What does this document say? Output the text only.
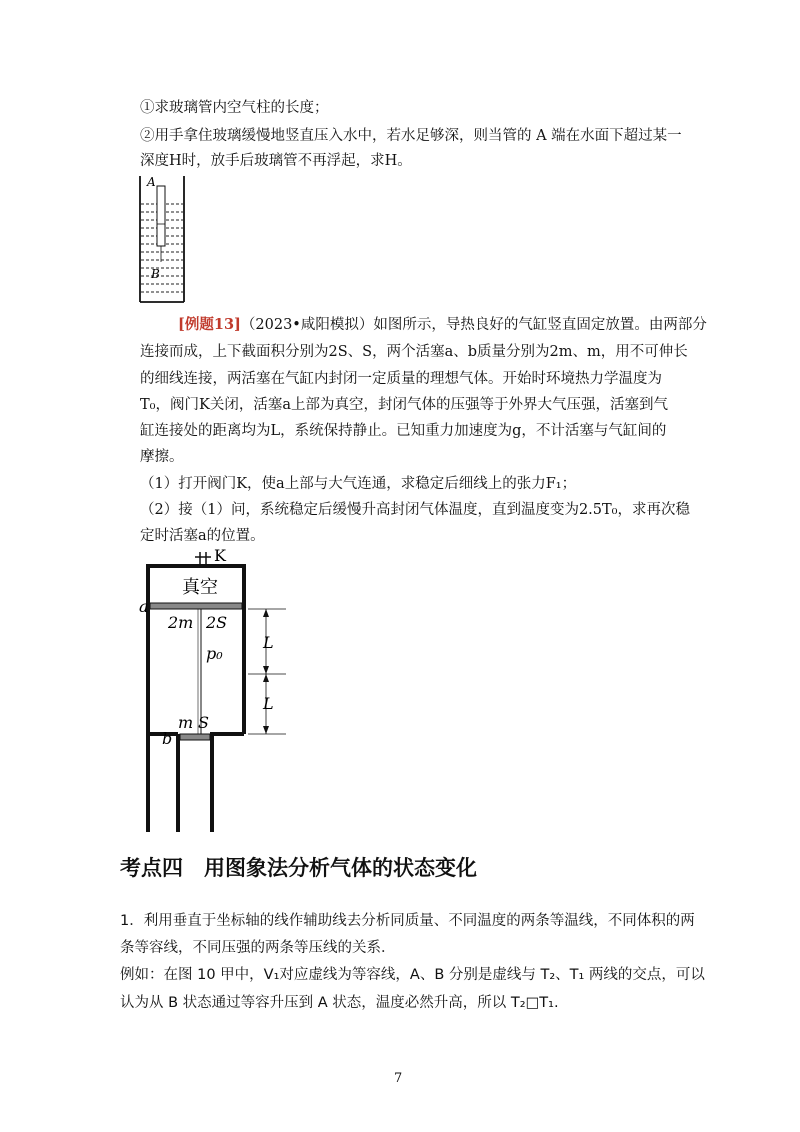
①求玻璃管内空气柱的长度；
②用手拿住玻璃缓慢地竖直压入水中，若水足够深，则当管的 A 端在水面下超过某一
深度H时，放手后玻璃管不再浮起，求H。
A
B
[例题13]（2023•咸阳模拟）如图所示，导热良好的气缸竖直固定放置。由两部分
连接而成，上下截面积分别为2S、S，两个活塞a、b质量分别为2m、m，用不可伸长
的细线连接，两活塞在气缸内封闭一定质量的理想气体。开始时环境热力学温度为
T₀，阀门K关闭，活塞a上部为真空，封闭气体的压强等于外界大气压强，活塞到气
缸连接处的距离均为L，系统保持静止。已知重力加速度为g，不计活塞与气缸间的
摩擦。
（1）打开阀门K，使a上部与大气连通，求稳定后细线上的张力F₁；
（2）接（1）问，系统稳定后缓慢升高封闭气体温度，直到温度变为2.5T₀，求再次稳
定时活塞a的位置。
K
真空
a
2m 2S
p₀
L
L
m S
b
考点四　用图象法分析气体的状态变化
1．利用垂直于坐标轴的线作辅助线去分析同质量、不同温度的两条等温线，不同体积的两
条等容线，不同压强的两条等压线的关系．
例如：在图 10 甲中，V₁对应虚线为等容线，A、B 分别是虚线与 T₂、T₁ 两线的交点，可以
认为从 B 状态通过等容升压到 A 状态，温度必然升高，所以 T₂□T₁.
7
